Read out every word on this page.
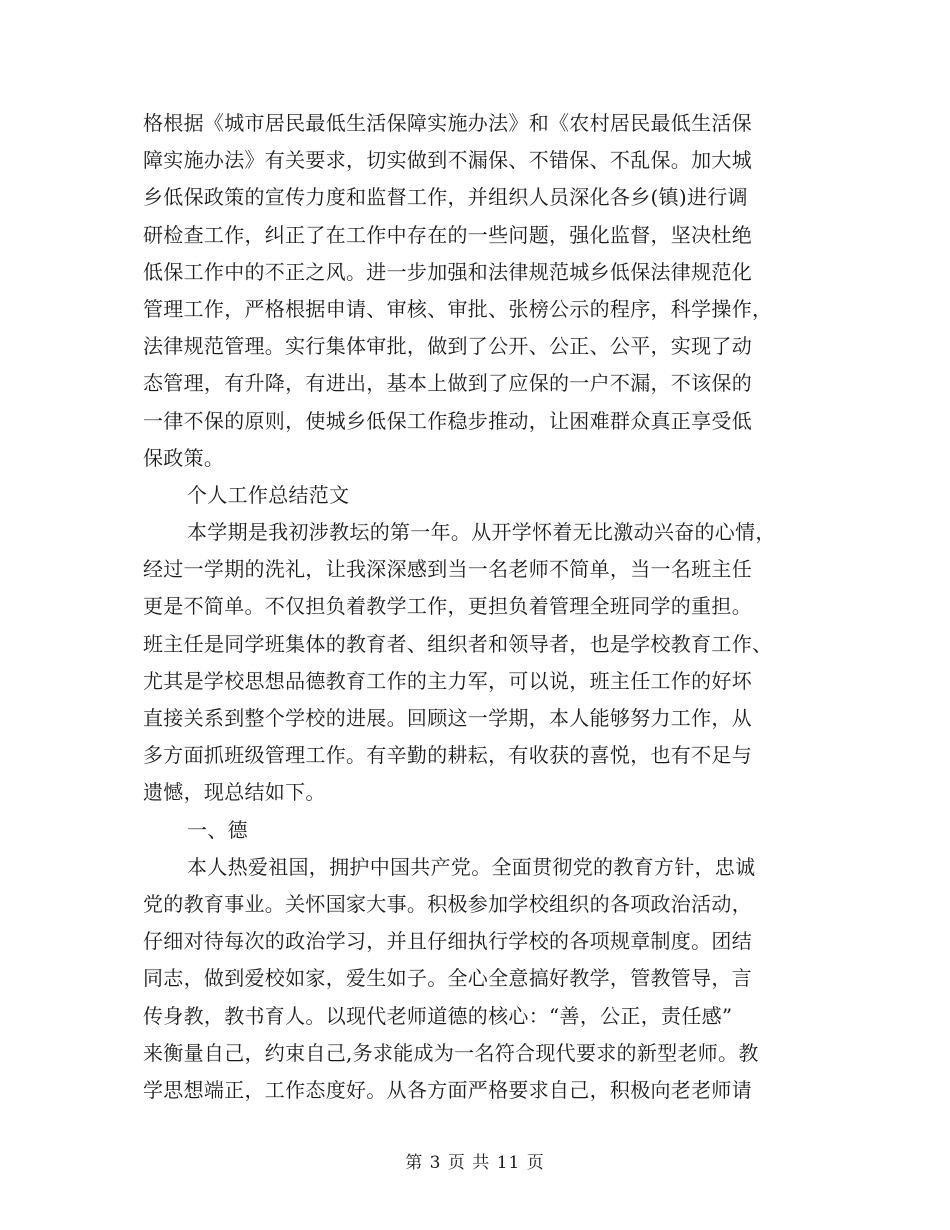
格根据《城市居民最低生活保障实施办法》和《农村居民最低生活保
障实施办法》有关要求，切实做到不漏保、不错保、不乱保。加大城
乡低保政策的宣传力度和监督工作，并组织人员深化各乡(镇)进行调
研检查工作，纠正了在工作中存在的一些问题，强化监督，坚决杜绝
低保工作中的不正之风。进一步加强和法律规范城乡低保法律规范化
管理工作，严格根据申请、审核、审批、张榜公示的程序，科学操作，
法律规范管理。实行集体审批，做到了公开、公正、公平，实现了动
态管理，有升降，有进出，基本上做到了应保的一户不漏，不该保的
一律不保的原则，使城乡低保工作稳步推动，让困难群众真正享受低
保政策。
个人工作总结范文
本学期是我初涉教坛的第一年。从开学怀着无比激动兴奋的心情，
经过一学期的洗礼，让我深深感到当一名老师不简单，当一名班主任
更是不简单。不仅担负着教学工作，更担负着管理全班同学的重担。
班主任是同学班集体的教育者、组织者和领导者，也是学校教育工作、
尤其是学校思想品德教育工作的主力军，可以说，班主任工作的好坏
直接关系到整个学校的进展。回顾这一学期，本人能够努力工作，从
多方面抓班级管理工作。有辛勤的耕耘，有收获的喜悦，也有不足与
遗憾，现总结如下。
一、德
本人热爱祖国，拥护中国共产党。全面贯彻党的教育方针，忠诚
党的教育事业。关怀国家大事。积极参加学校组织的各项政治活动，
仔细对待每次的政治学习，并且仔细执行学校的各项规章制度。团结
同志，做到爱校如家，爱生如子。全心全意搞好教学，管教管导，言
传身教，教书育人。以现代老师道德的核心：“善，公正，责任感”
来衡量自己，约束自己,务求能成为一名符合现代要求的新型老师。教
学思想端正，工作态度好。从各方面严格要求自己，积极向老老师请
第 3 页 共 11 页
